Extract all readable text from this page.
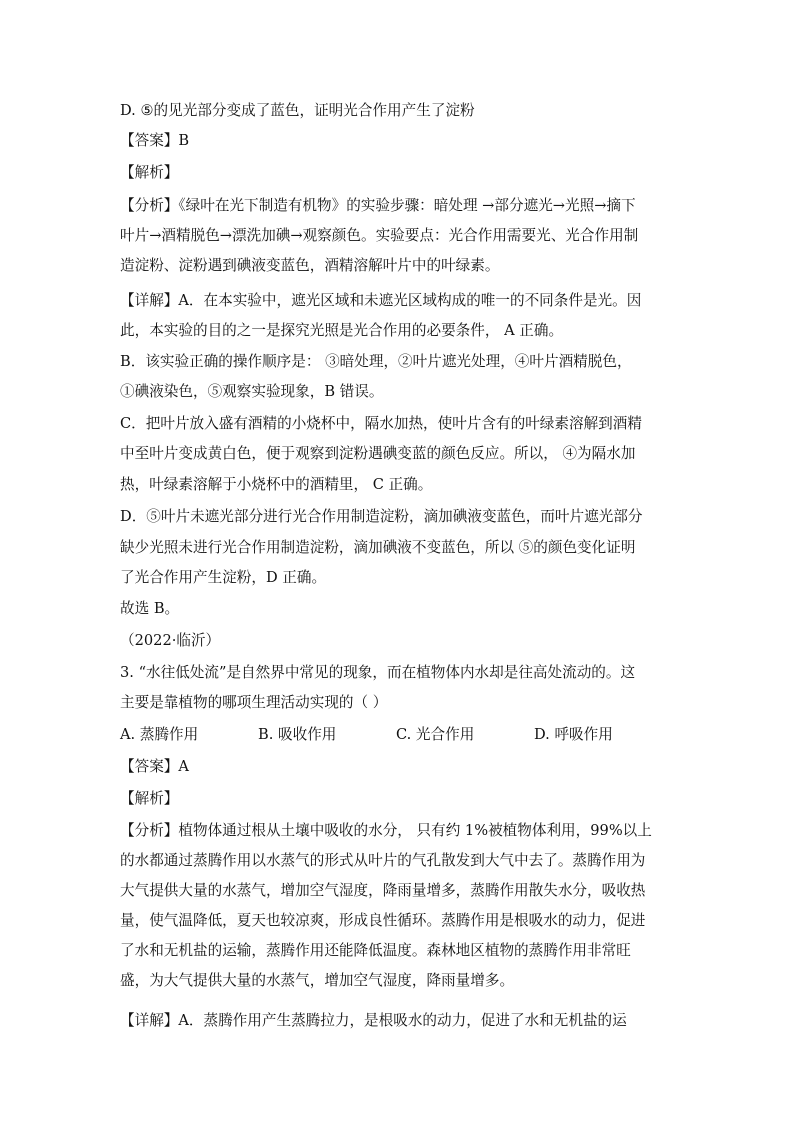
D. ⑤的见光部分变成了蓝色，证明光合作用产生了淀粉
【答案】B
【解析】
【分析】《绿叶在光下制造有机物》的实验步骤：暗处理 →部分遮光→光照→摘下
叶片→酒精脱色→漂洗加碘→观察颜色。实验要点：光合作用需要光、光合作用制
造淀粉、淀粉遇到碘液变蓝色，酒精溶解叶片中的叶绿素。
【详解】A．在本实验中，遮光区域和未遮光区域构成的唯一的不同条件是光。因
此，本实验的目的之一是探究光照是光合作用的必要条件， A 正确。
B．该实验正确的操作顺序是： ③暗处理，②叶片遮光处理，④叶片酒精脱色，
①碘液染色，⑤观察实验现象，B 错误。
C．把叶片放入盛有酒精的小烧杯中，隔水加热，使叶片含有的叶绿素溶解到酒精
中至叶片变成黄白色，便于观察到淀粉遇碘变蓝的颜色反应。所以， ④为隔水加
热，叶绿素溶解于小烧杯中的酒精里， C 正确。
D．⑤叶片未遮光部分进行光合作用制造淀粉，滴加碘液变蓝色，而叶片遮光部分
缺少光照未进行光合作用制造淀粉，滴加碘液不变蓝色，所以 ⑤的颜色变化证明
了光合作用产生淀粉，D 正确。
故选 B。
（2022·临沂）
3. “水往低处流”是自然界中常见的现象，而在植物体内水却是往高处流动的。这
主要是靠植物的哪项生理活动实现的（ ）
A. 蒸腾作用	B. 吸收作用	C. 光合作用	D. 呼吸作用
【答案】A
【解析】
【分析】植物体通过根从土壤中吸收的水分， 只有约 1%被植物体利用，99%以上
的水都通过蒸腾作用以水蒸气的形式从叶片的气孔散发到大气中去了。蒸腾作用为
大气提供大量的水蒸气，增加空气湿度，降雨量增多，蒸腾作用散失水分，吸收热
量，使气温降低，夏天也较凉爽，形成良性循环。蒸腾作用是根吸水的动力，促进
了水和无机盐的运输，蒸腾作用还能降低温度。森林地区植物的蒸腾作用非常旺
盛，为大气提供大量的水蒸气，增加空气湿度，降雨量增多。
【详解】A．蒸腾作用产生蒸腾拉力，是根吸水的动力，促进了水和无机盐的运
